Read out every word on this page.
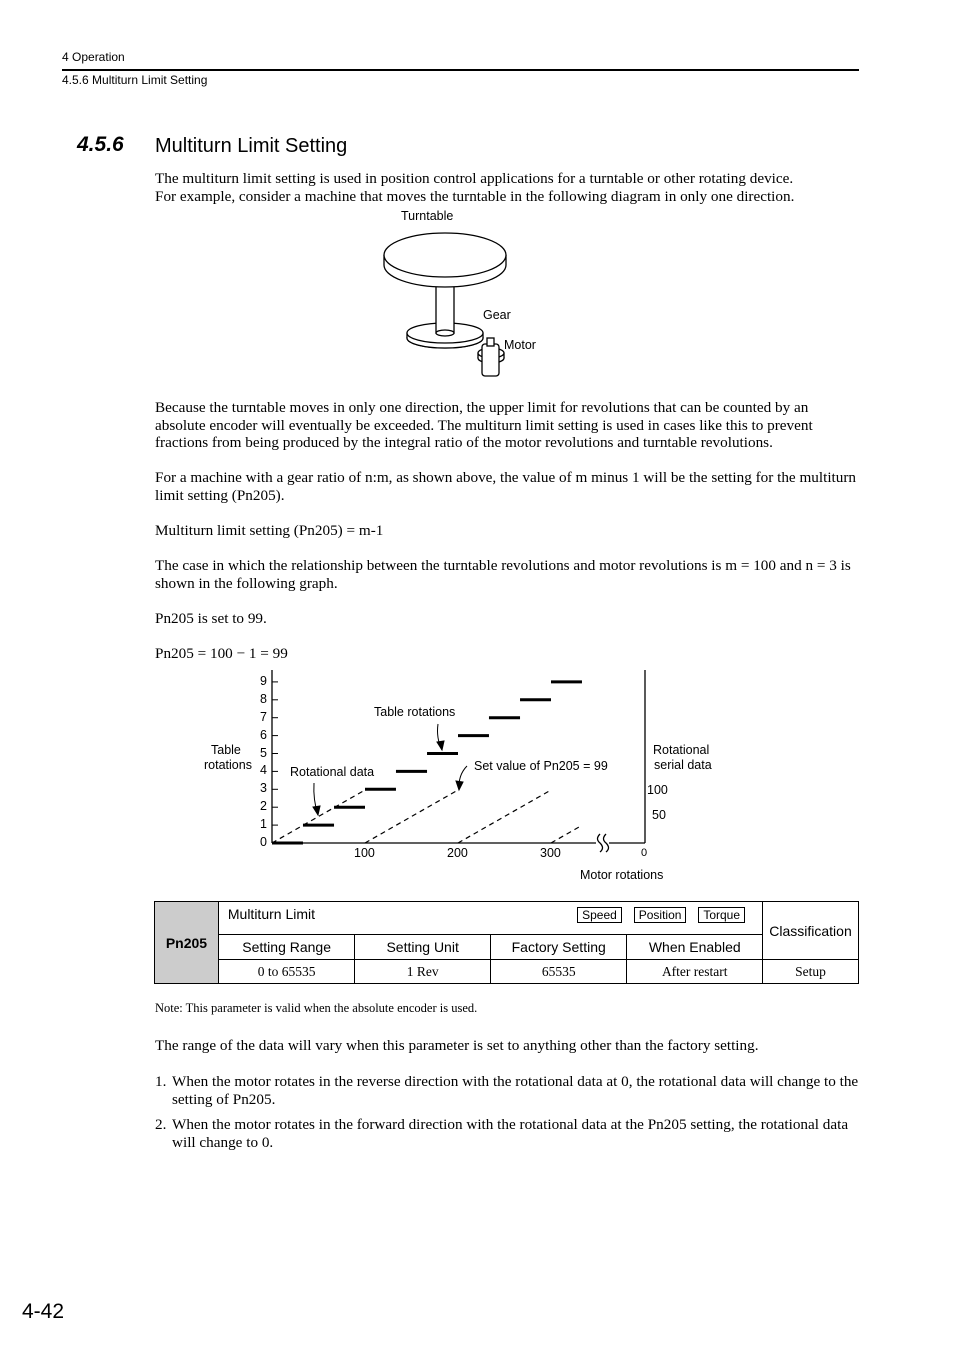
4 Operation
4.5.6 Multiturn Limit Setting
4.5.6 Multiturn Limit Setting
The multiturn limit setting is used in position control applications for a turntable or other rotating device.
For example, consider a machine that moves the turntable in the following diagram in only one direction.
Turntable
Gear
Motor
Because the turntable moves in only one direction, the upper limit for revolutions that can be counted by an absolute encoder will eventually be exceeded. The multiturn limit setting is used in cases like this to prevent fractions from being produced by the integral ratio of the motor revolutions and turntable revolutions.
For a machine with a gear ratio of n:m, as shown above, the value of m minus 1 will be the setting for the multiturn limit setting (Pn205).
Multiturn limit setting (Pn205) = m-1
The case in which the relationship between the turntable revolutions and motor revolutions is m = 100 and n = 3 is shown in the following graph.
Pn205 is set to 99.
Pn205 = 100 − 1 = 99
Table
rotations
Rotational
serial data
100
50
0
Motor rotations
Table rotations
Rotational data	Set value of Pn205 = 99
0
1
2
3
4
5
6
7
8
9
100	200	300
Pn205	Multiturn Limit Speed Position Torque				Classification
	Setting Range	Setting Unit	Factory Setting	When Enabled	
	0 to 65535	1 Rev	65535	After restart	Setup
Note: This parameter is valid when the absolute encoder is used.
The range of the data will vary when this parameter is set to anything other than the factory setting.
1. When the motor rotates in the reverse direction with the rotational data at 0, the rotational data will change to the setting of Pn205.
2. When the motor rotates in the forward direction with the rotational data at the Pn205 setting, the rotational data will change to 0.
4-42
